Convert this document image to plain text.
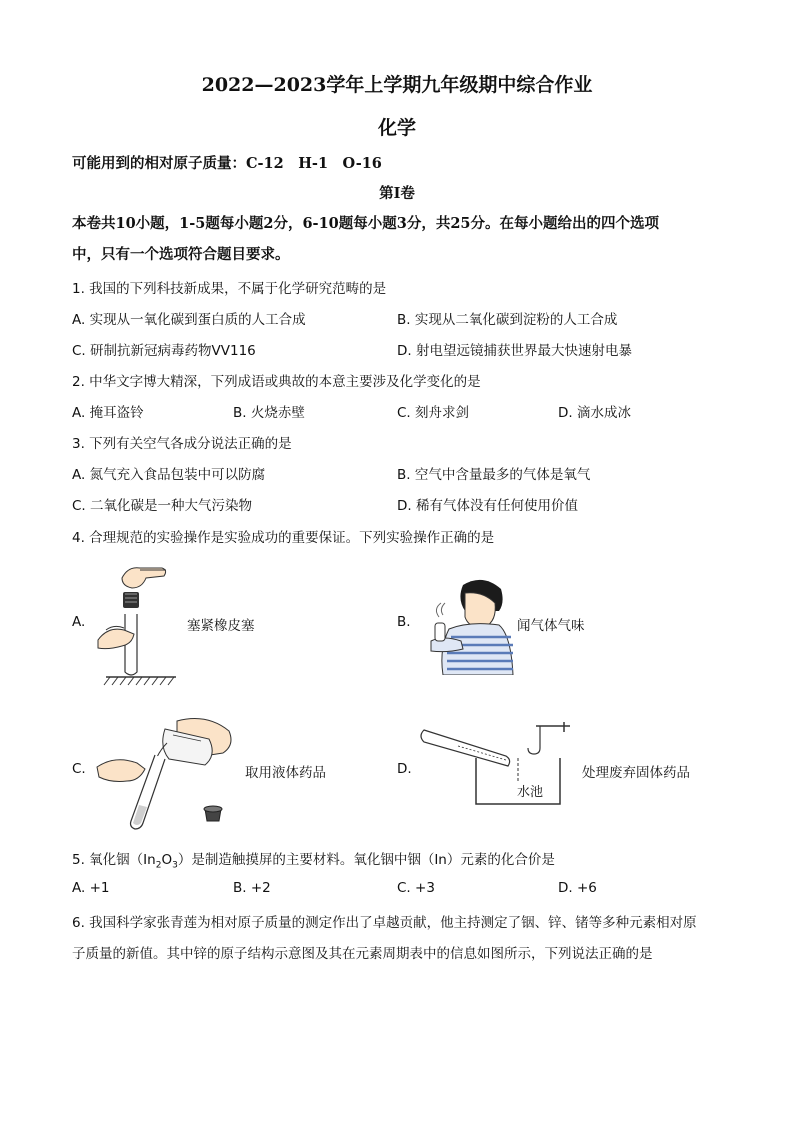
2022—2023学年上学期九年级期中综合作业
化学
可能用到的相对原子质量：C-12　H-1　O-16
第I卷
本卷共10小题，1-5题每小题2分，6-10题每小题3分，共25分。在每小题给出的四个选项
中，只有一个选项符合题目要求。
1. 我国的下列科技新成果，不属于化学研究范畴的是
A. 实现从一氧化碳到蛋白质的人工合成	B. 实现从二氧化碳到淀粉的人工合成
C. 研制抗新冠病毒药物VV116	D. 射电望远镜捕获世界最大快速射电暴
2. 中华文字博大精深，下列成语或典故的本意主要涉及化学变化的是
A. 掩耳盗铃	B. 火烧赤壁	C. 刻舟求剑	D. 滴水成冰
3. 下列有关空气各成分说法正确的是
A. 氮气充入食品包装中可以防腐	B. 空气中含量最多的气体是氧气
C. 二氧化碳是一种大气污染物	D. 稀有气体没有任何使用价值
4. 合理规范的实验操作是实验成功的重要保证。下列实验操作正确的是
A.	塞紧橡皮塞	B.	闻气体气味
C.	取用液体药品	D.
水池
处理废弃固体药品
5. 氧化铟$(In_2O_3)$是制造触摸屏的主要材料。氧化铟中铟（In）元素的化合价是
A. +1	B. +2	C. +3	D. +6
6. 我国科学家张青莲为相对原子质量的测定作出了卓越贡献，他主持测定了铟、锌、锗等多种元素相对原
子质量的新值。其中锌的原子结构示意图及其在元素周期表中的信息如图所示，下列说法正确的是
